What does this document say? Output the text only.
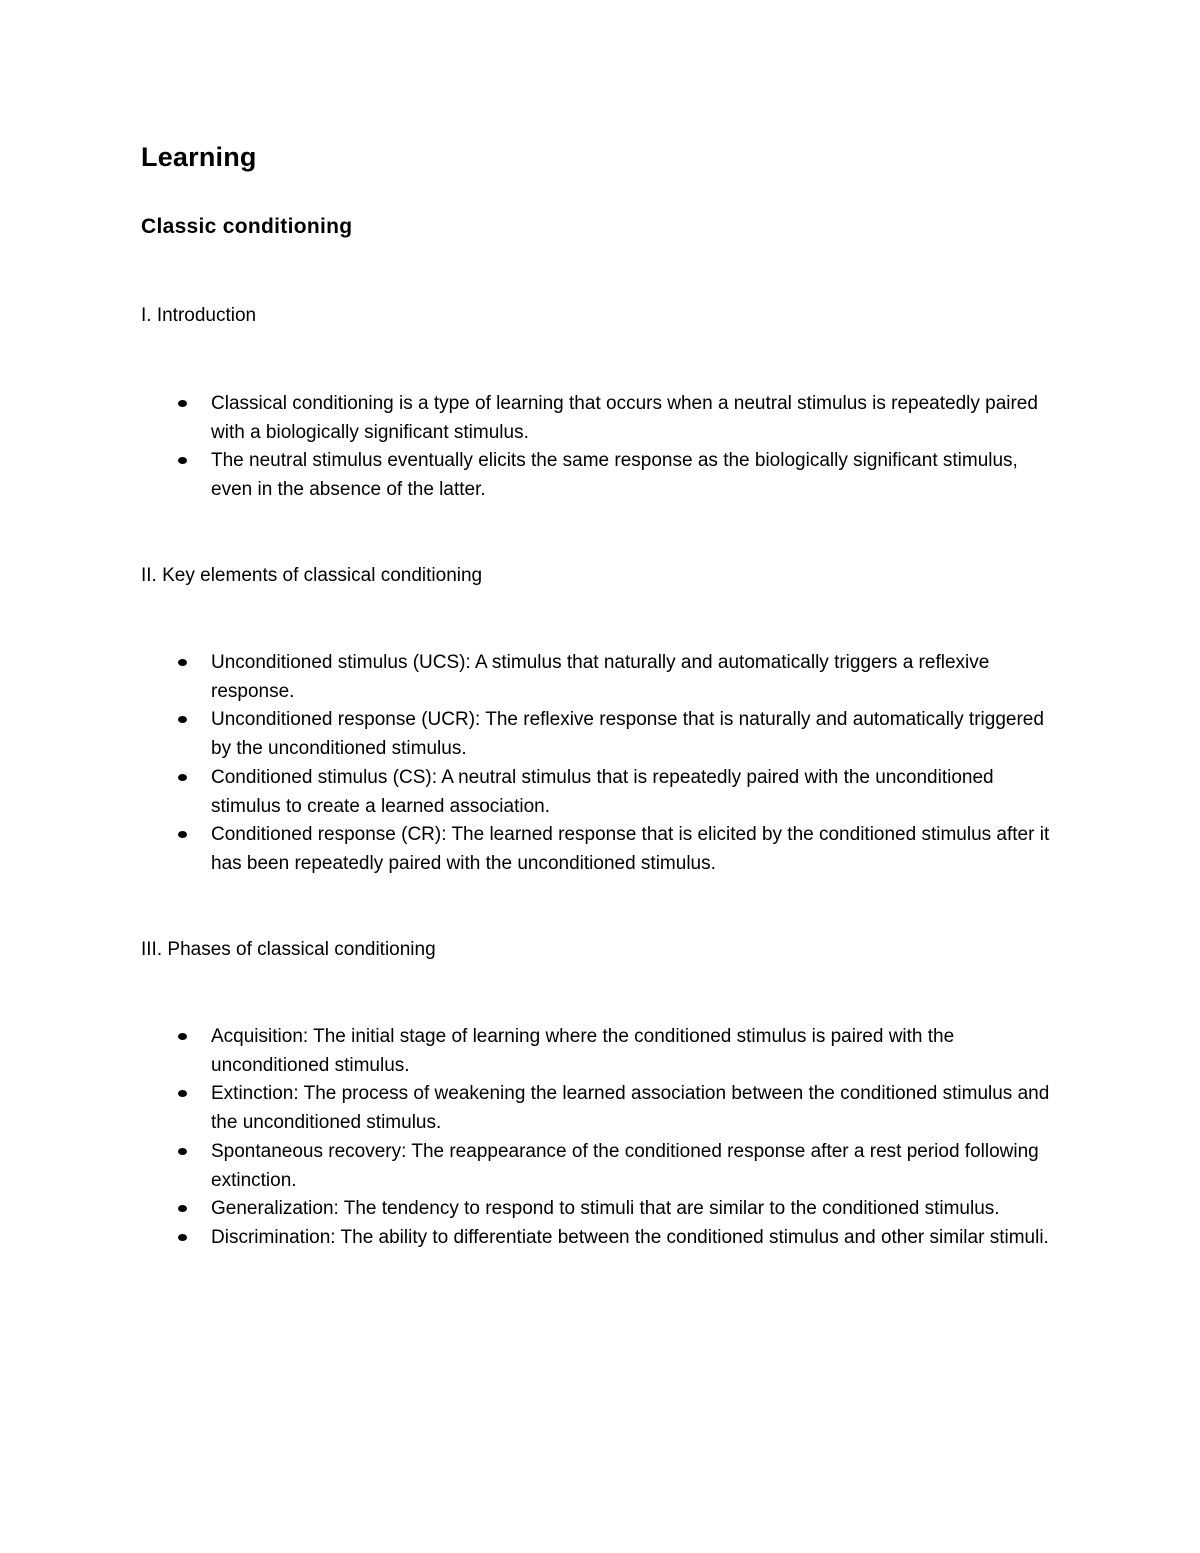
Learning
Classic conditioning

I. Introduction

Classical conditioning is a type of learning that occurs when a neutral stimulus is repeatedly paired with a biologically significant stimulus.
The neutral stimulus eventually elicits the same response as the biologically significant stimulus, even in the absence of the latter.

II. Key elements of classical conditioning

Unconditioned stimulus (UCS): A stimulus that naturally and automatically triggers a reflexive response.
Unconditioned response (UCR): The reflexive response that is naturally and automatically triggered by the unconditioned stimulus.
Conditioned stimulus (CS): A neutral stimulus that is repeatedly paired with the unconditioned stimulus to create a learned association.
Conditioned response (CR): The learned response that is elicited by the conditioned stimulus after it has been repeatedly paired with the unconditioned stimulus.

III. Phases of classical conditioning

Acquisition: The initial stage of learning where the conditioned stimulus is paired with the unconditioned stimulus.
Extinction: The process of weakening the learned association between the conditioned stimulus and the unconditioned stimulus.
Spontaneous recovery: The reappearance of the conditioned response after a rest period following extinction.
Generalization: The tendency to respond to stimuli that are similar to the conditioned stimulus.
Discrimination: The ability to differentiate between the conditioned stimulus and other similar stimuli.
